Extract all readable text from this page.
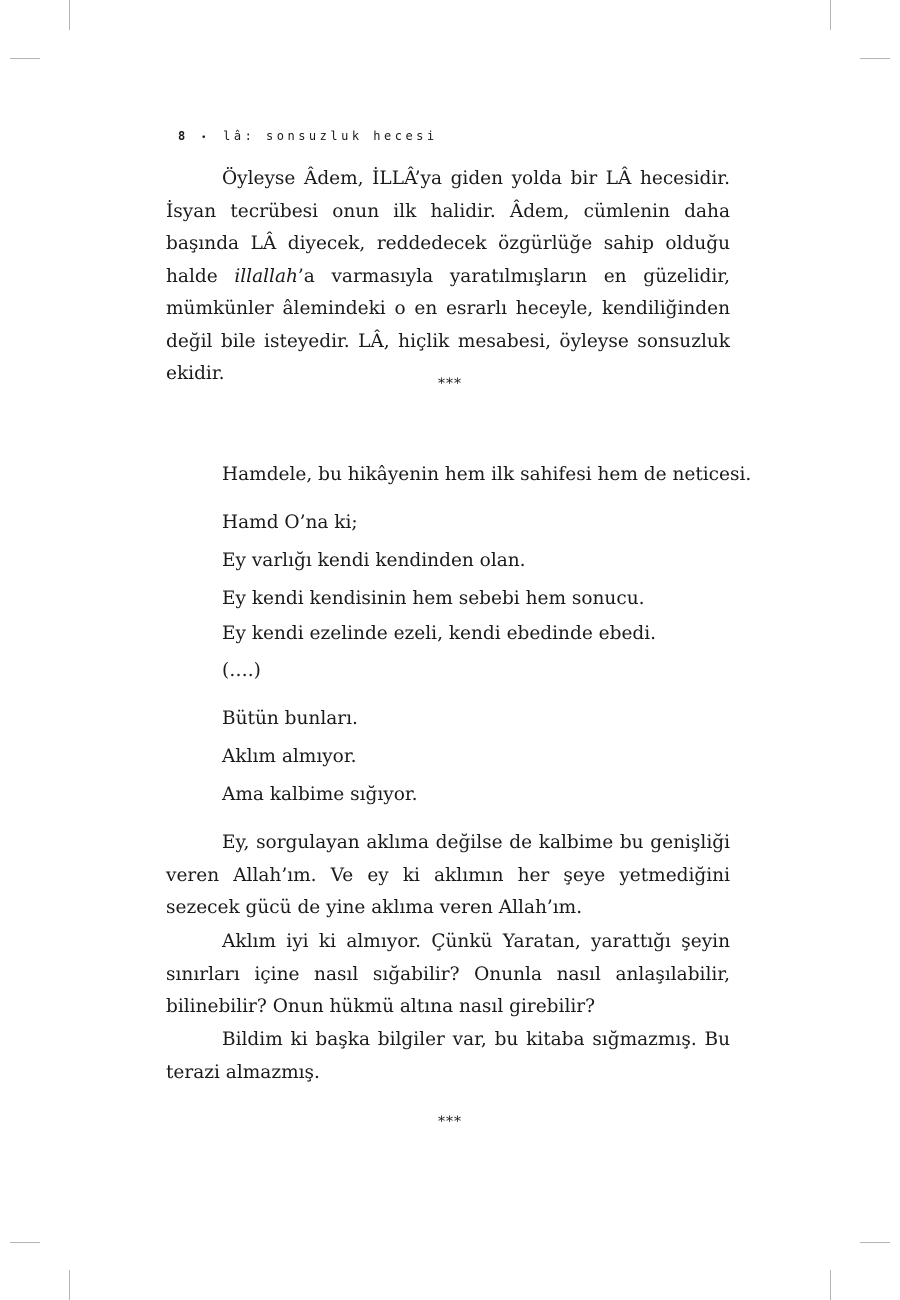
8 • lâ: sonsuzluk hecesi

Öyleyse Âdem, İLLÂ’ya giden yolda bir LÂ hecesidir. İsyan tecrübesi onun ilk halidir. Âdem, cümlenin daha başında LÂ diyecek, reddedecek özgürlüğe sahip olduğu halde illallah’a varmasıyla yaratılmışların en güzelidir, mümkünler âlemindeki o en esrarlı heceyle, kendiliğinden değil bile isteyedir. LÂ, hiçlik mesabesi, öyleyse sonsuzluk ekidir.	***

Hamdele, bu hikâyenin hem ilk sahifesi hem de neticesi.

Hamd O’na ki;

Ey varlığı kendi kendinden olan.

Ey kendi kendisinin hem sebebi hem sonucu.

Ey kendi ezelinde ezeli, kendi ebedinde ebedi.

(….)

Bütün bunları.

Aklım almıyor.

Ama kalbime sığıyor.

Ey, sorgulayan aklıma değilse de kalbime bu genişliği veren Allah’ım. Ve ey ki aklımın her şeye yetmediğini sezecek gücü de yine aklıma veren Allah’ım.

Aklım iyi ki almıyor. Çünkü Yaratan, yarattığı şeyin sınırları içine nasıl sığabilir? Onunla nasıl anlaşılabilir, bilinebilir? Onun hükmü altına nasıl girebilir?

Bildim ki başka bilgiler var, bu kitaba sığmazmış. Bu terazi almazmış.

***
